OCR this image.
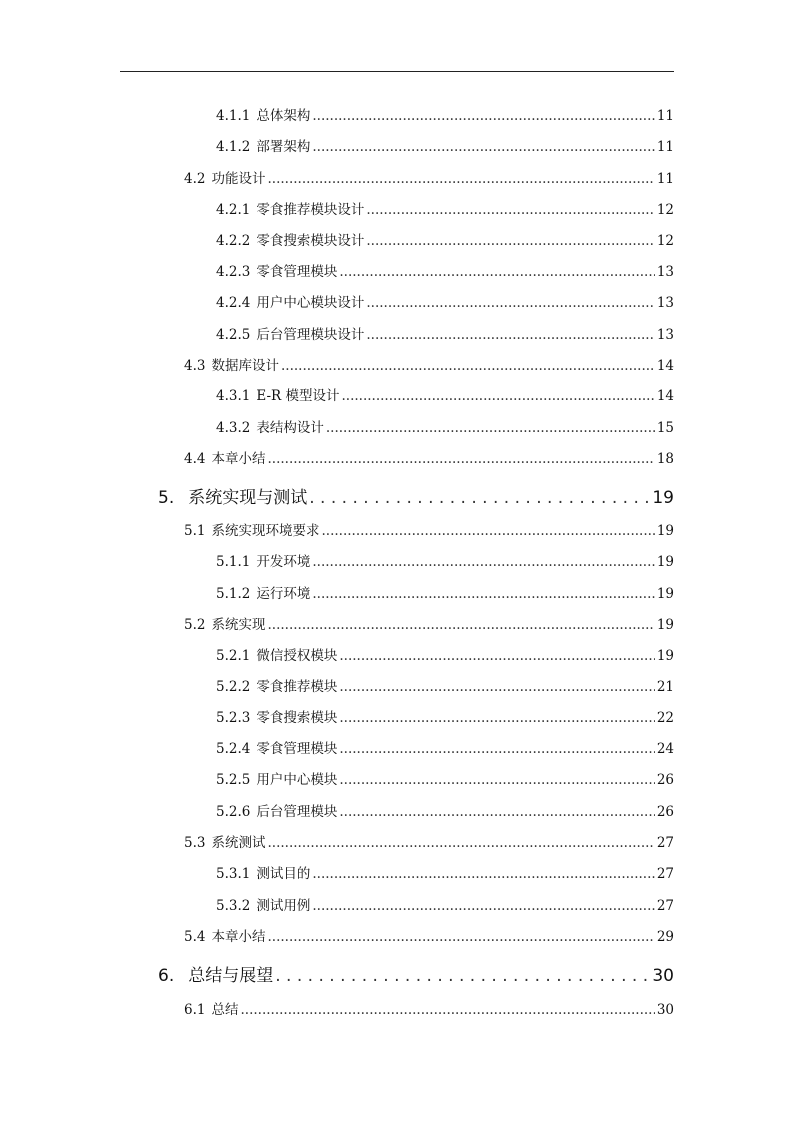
4.1.1 总体架构 .....	11
4.1.2 部署架构 .....	11
4.2 功能设计 .....	11
4.2.1 零食推荐模块设计 .....	12
4.2.2 零食搜索模块设计 .....	12
4.2.3 零食管理模块 .....	13
4.2.4 用户中心模块设计 .....	13
4.2.5 后台管理模块设计 .....	13
4.3 数据库设计 .....	14
4.3.1 E-R 模型设计 .....	14
4.3.2 表结构设计 .....	15
4.4 本章小结 .....	18
5. 系统实现与测试 . . .	19
5.1 系统实现环境要求 .....	19
5.1.1 开发环境 .....	19
5.1.2 运行环境 .....	19
5.2 系统实现 .....	19
5.2.1 微信授权模块 .....	19
5.2.2 零食推荐模块 .....	21
5.2.3 零食搜索模块 .....	22
5.2.4 零食管理模块 .....	24
5.2.5 用户中心模块 .....	26
5.2.6 后台管理模块 .....	26
5.3 系统测试 .....	27
5.3.1 测试目的 .....	27
5.3.2 测试用例 .....	27
5.4 本章小结 .....	29
6. 总结与展望 . . .	30
6.1 总结 .....	30
